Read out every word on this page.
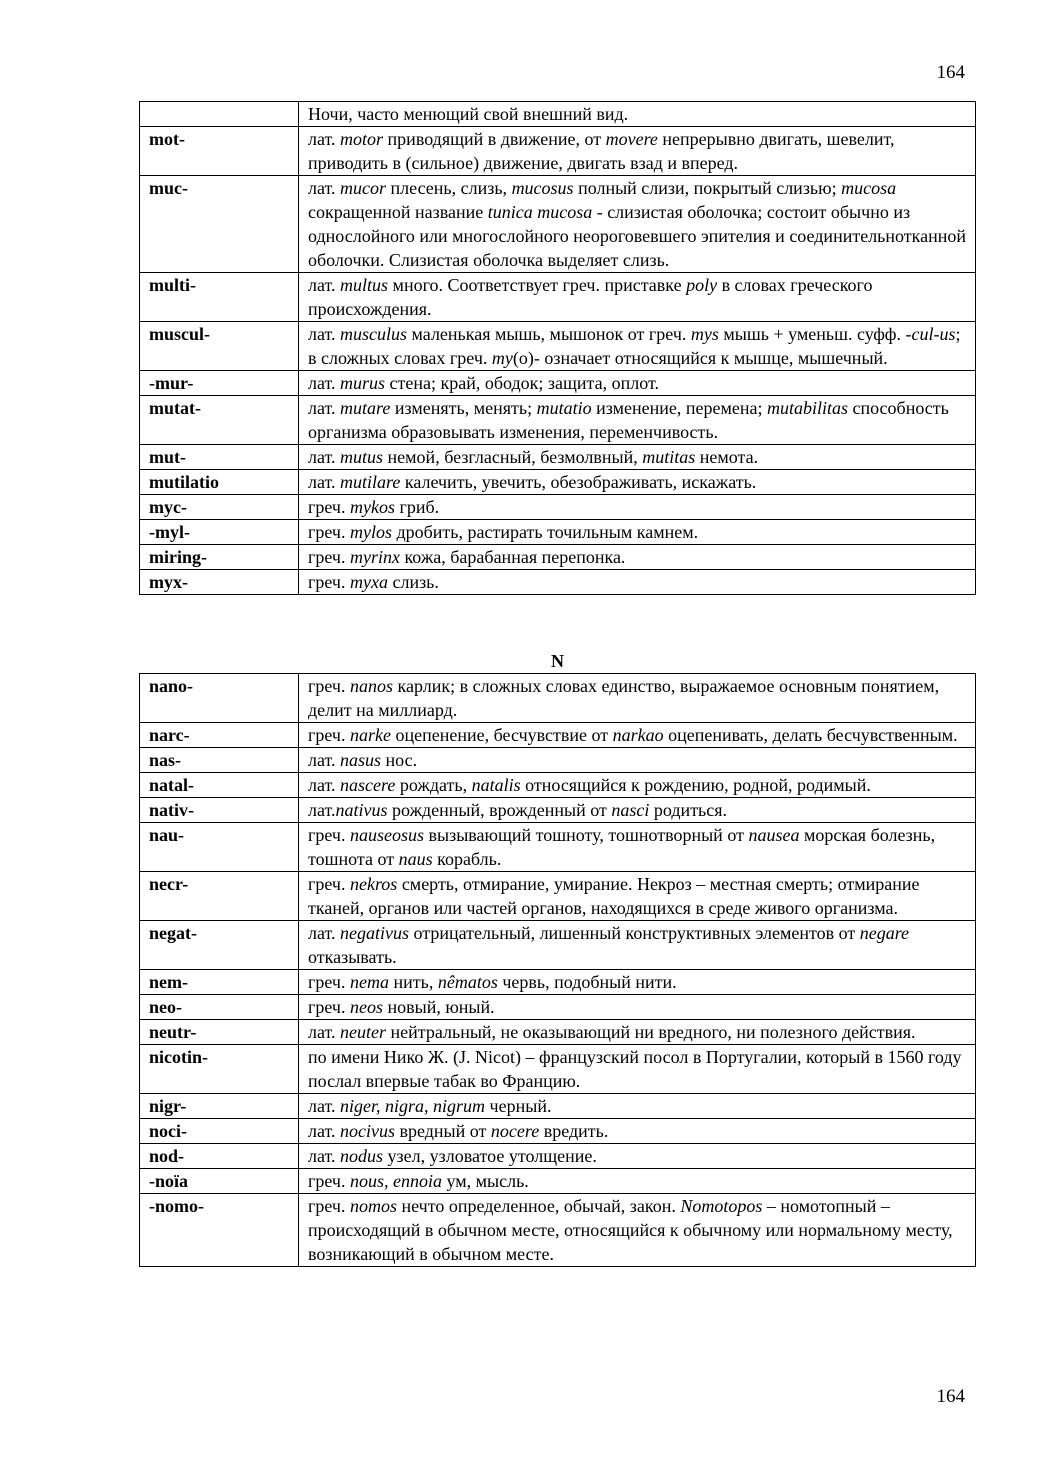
164
	Ночи, часто менющий свой внешний вид.
mot-	лат. motor приводящий в движение, от movere непрерывно двигать, шевелит, приводить в (сильное) движение, двигать взад и вперед.
muc-	лат. mucor плесень, слизь, mucosus полный слизи, покрытый слизью; mucosa сокращенной название tunica mucosa - слизистая оболочка; состоит обычно из однослойного или многослойного неороговевшего эпителия и соединительнотканной оболочки. Слизистая оболочка выделяет слизь.
multi-	лат. multus много. Соответствует греч. приставке poly в словах греческого происхождения.
muscul-	лат. musculus маленькая мышь, мышонок от греч. mys мышь + уменьш. суфф. -cul-us; в сложных словах греч. my(o)- означает относящийся к мышце, мышечный.
-mur-	лат. murus стена; край, ободок; защита, оплот.
mutat-	лат. mutare изменять, менять; mutatio изменение, перемена; mutabilitas способность организма образовывать изменения, переменчивость.
mut-	лат. mutus немой, безгласный, безмолвный, mutitas немота.
mutilatio	лат. mutilare калечить, увечить, обезображивать, искажать.
myc-	греч. mykos гриб.
-myl-	греч. mylos дробить, растирать точильным камнем.
miring-	греч. myrinx кожа, барабанная перепонка.
myx-	греч. myxa слизь.
N
nano-	греч. nanos карлик; в сложных словах единство, выражаемое основным понятием, делит на миллиард.
narc-	греч. narke оцепенение, бесчувствие от narkao оцепенивать, делать бесчувственным.
nas-	лат. nasus нос.
natal-	лат. nascere рождать, natalis относящийся к рождению, родной, родимый.
nativ-	лат.nativus рожденный, врожденный от nasci родиться.
nau-	греч. nauseosus вызывающий тошноту, тошнотворный от nausea морская болезнь, тошнота от naus корабль.
necr-	греч. nekros смерть, отмирание, умирание. Некроз – местная смерть; отмирание тканей, органов или частей органов, находящихся в среде живого организма.
negat-	лат. negativus отрицательный, лишенный конструктивных элементов от negare отказывать.
nem-	греч. nema нить, nêmatos червь, подобный нити.
neo-	греч. neos новый, юный.
neutr-	лат. neuter нейтральный, не оказывающий ни вредного, ни полезного действия.
nicotin-	по имени Нико Ж. (J. Nicot) – французский посол в Португалии, который в 1560 году послал впервые табак во Францию.
nigr-	лат. niger, nigra, nigrum черный.
noci-	лат. nocivus вредный от nocere вредить.
nod-	лат. nodus узел, узловатое утолщение.
-noïa	греч. nous, ennoia ум, мысль.
-nomo-	греч. nomos нечто определенное, обычай, закон. Nomotopos – номотопный – происходящий в обычном месте, относящийся к обычному или нормальному месту, возникающий в обычном месте.
164
